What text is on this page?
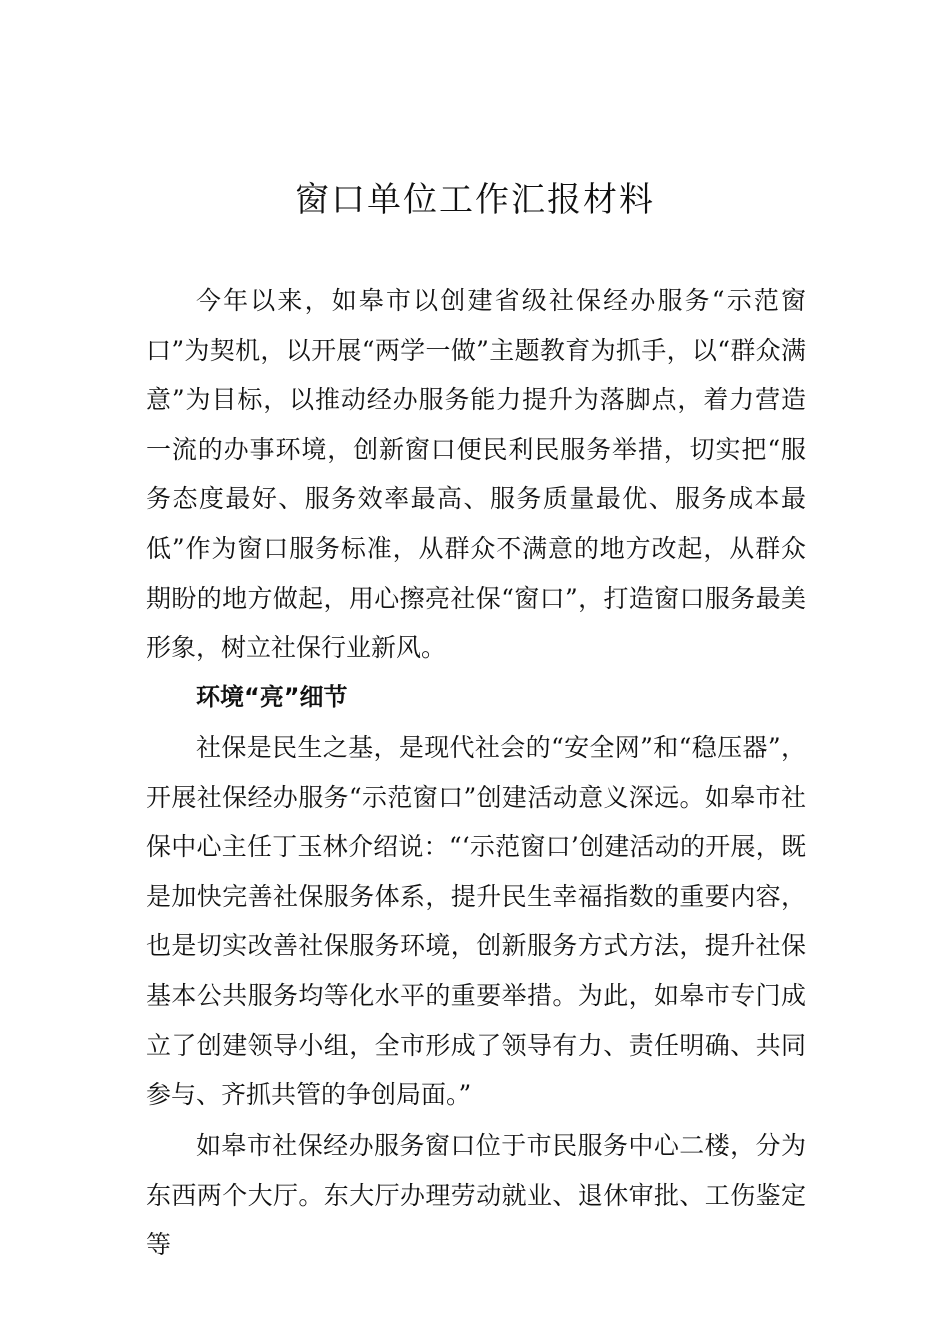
窗口单位工作汇报材料

今年以来，如皋市以创建省级社保经办服务“示范窗口”为契机，以开展“两学一做”主题教育为抓手，以“群众满意”为目标，以推动经办服务能力提升为落脚点，着力营造一流的办事环境，创新窗口便民利民服务举措，切实把“服务态度最好、服务效率最高、服务质量最优、服务成本最低”作为窗口服务标准，从群众不满意的地方改起，从群众期盼的地方做起，用心擦亮社保“窗口”，打造窗口服务最美形象，树立社保行业新风。

环境“亮”细节

社保是民生之基，是现代社会的“安全网”和“稳压器”，开展社保经办服务“示范窗口”创建活动意义深远。如皋市社保中心主任丁玉林介绍说：“‘示范窗口’创建活动的开展，既是加快完善社保服务体系，提升民生幸福指数的重要内容，也是切实改善社保服务环境，创新服务方式方法，提升社保基本公共服务均等化水平的重要举措。为此，如皋市专门成立了创建领导小组，全市形成了领导有力、责任明确、共同参与、齐抓共管的争创局面。”

如皋市社保经办服务窗口位于市民服务中心二楼，分为东西两个大厅。东大厅办理劳动就业、退休审批、工伤鉴定等
